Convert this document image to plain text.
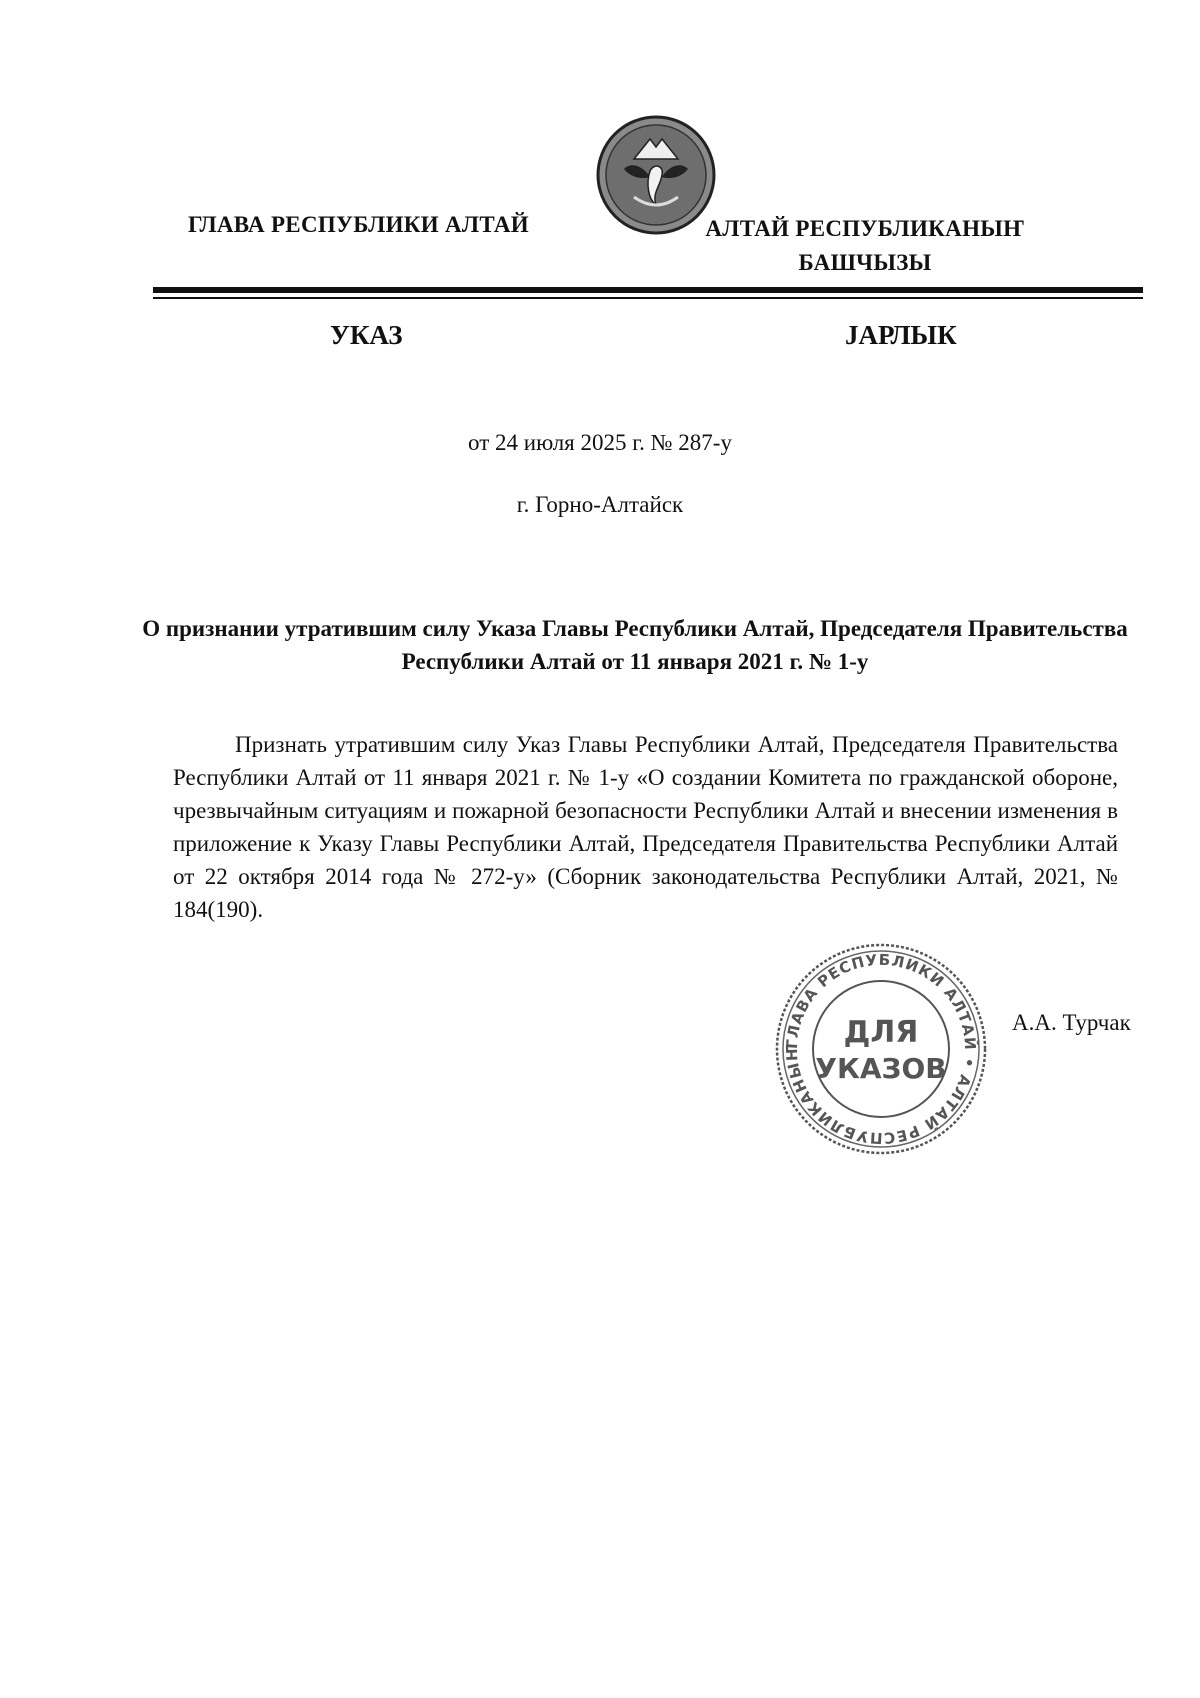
ГЛАВА РЕСПУБЛИКИ АЛТАЙ	АЛТАЙ РЕСПУБЛИКАНЫҤ
БАШЧЫЗЫ
УКАЗ	ЈАРЛЫК
от 24 июля 2025 г. № 287-у
г. Горно-Алтайск
О признании утратившим силу Указа Главы Республики Алтай, Председателя Правительства Республики Алтай от 11 января 2021 г. № 1-у
Признать утратившим силу Указ Главы Республики Алтай, Председателя Правительства Республики Алтай от 11 января 2021 г. № 1-у «О создании Комитета по гражданской обороне, чрезвычайным ситуациям и пожарной безопасности Республики Алтай и внесении изменения в приложение к Указу Главы Республики Алтай, Председателя Правительства Республики Алтай от 22 октября 2014 года № 272-у» (Сборник законодательства Республики Алтай, 2021, № 184(190).
ГЛАВА РЕСПУБЛИКИ АЛТАЙ • АЛТАЙ РЕСПУБЛИКАНЫҤ
ДЛЯ
УКАЗОВ
А.А. Турчак
